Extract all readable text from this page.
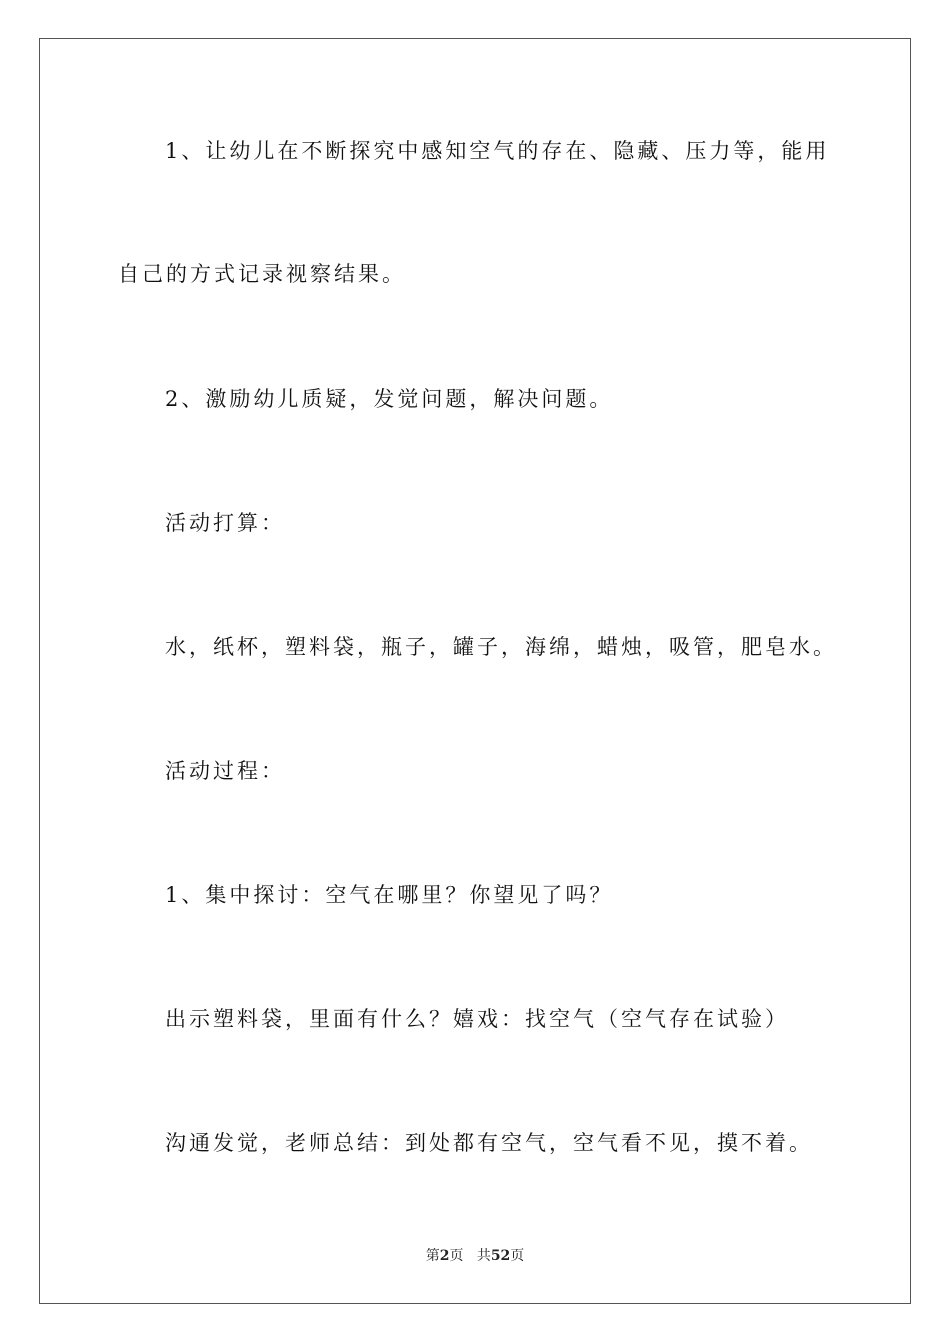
1、让幼儿在不断探究中感知空气的存在、隐藏、压力等，能用

自己的方式记录视察结果。

2、激励幼儿质疑，发觉问题，解决问题。

活动打算：

水，纸杯，塑料袋，瓶子，罐子，海绵，蜡烛，吸管，肥皂水。

活动过程：

1、集中探讨：空气在哪里？你望见了吗？

出示塑料袋，里面有什么？嬉戏：找空气（空气存在试验）

沟通发觉，老师总结：到处都有空气，空气看不见，摸不着。

第2页 共52页
